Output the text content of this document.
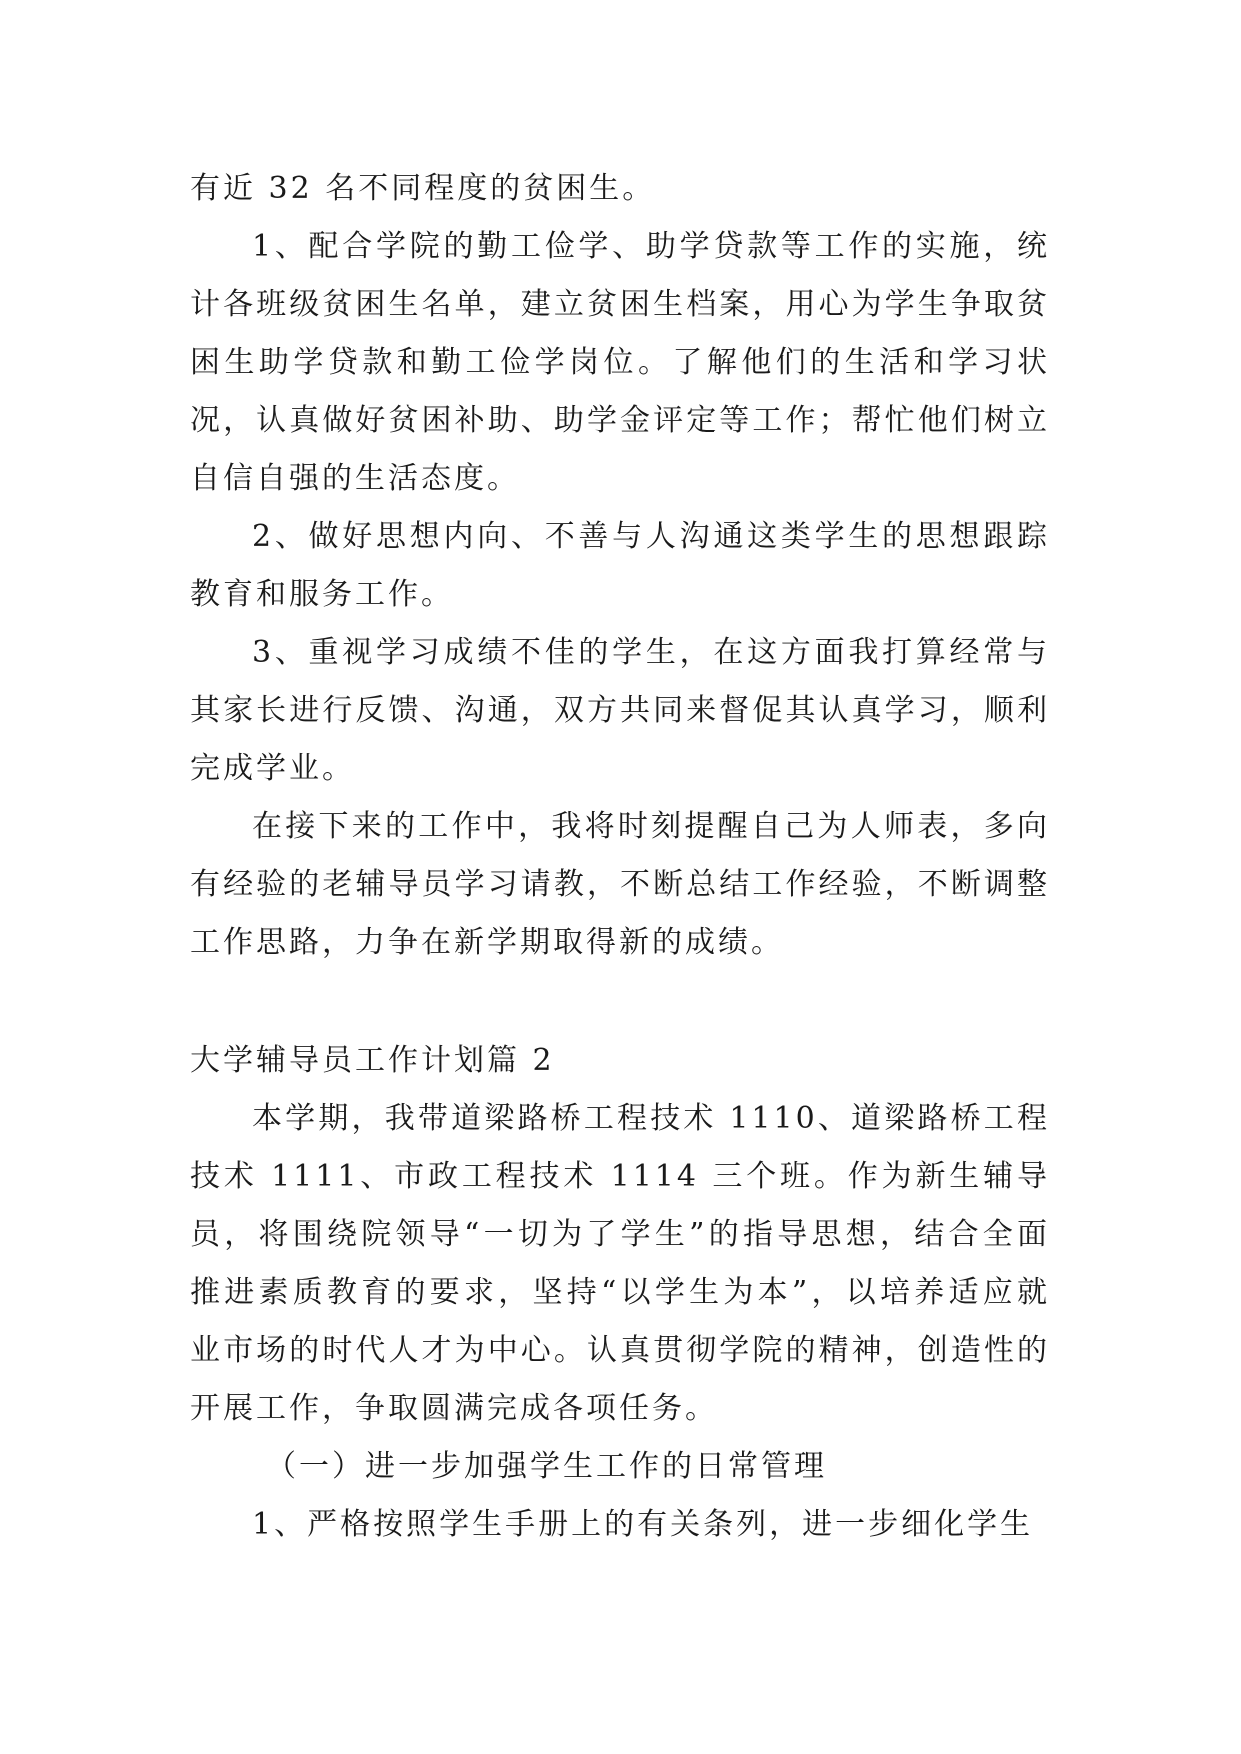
有近 32 名不同程度的贫困生。

1、配合学院的勤工俭学、助学贷款等工作的实施，统计各班级贫困生名单，建立贫困生档案，用心为学生争取贫困生助学贷款和勤工俭学岗位。了解他们的生活和学习状况，认真做好贫困补助、助学金评定等工作；帮忙他们树立自信自强的生活态度。

2、做好思想内向、不善与人沟通这类学生的思想跟踪教育和服务工作。

3、重视学习成绩不佳的学生，在这方面我打算经常与其家长进行反馈、沟通，双方共同来督促其认真学习，顺利完成学业。

在接下来的工作中，我将时刻提醒自己为人师表，多向有经验的老辅导员学习请教，不断总结工作经验，不断调整工作思路，力争在新学期取得新的成绩。

大学辅导员工作计划篇 2

本学期，我带道梁路桥工程技术 1110、道梁路桥工程技术 1111、市政工程技术 1114 三个班。作为新生辅导员，将围绕院领导“一切为了学生”的指导思想，结合全面推进素质教育的要求，坚持“以学生为本”，以培养适应就业市场的时代人才为中心。认真贯彻学院的精神，创造性的开展工作，争取圆满完成各项任务。

（一）进一步加强学生工作的日常管理

1、严格按照学生手册上的有关条列，进一步细化学生
